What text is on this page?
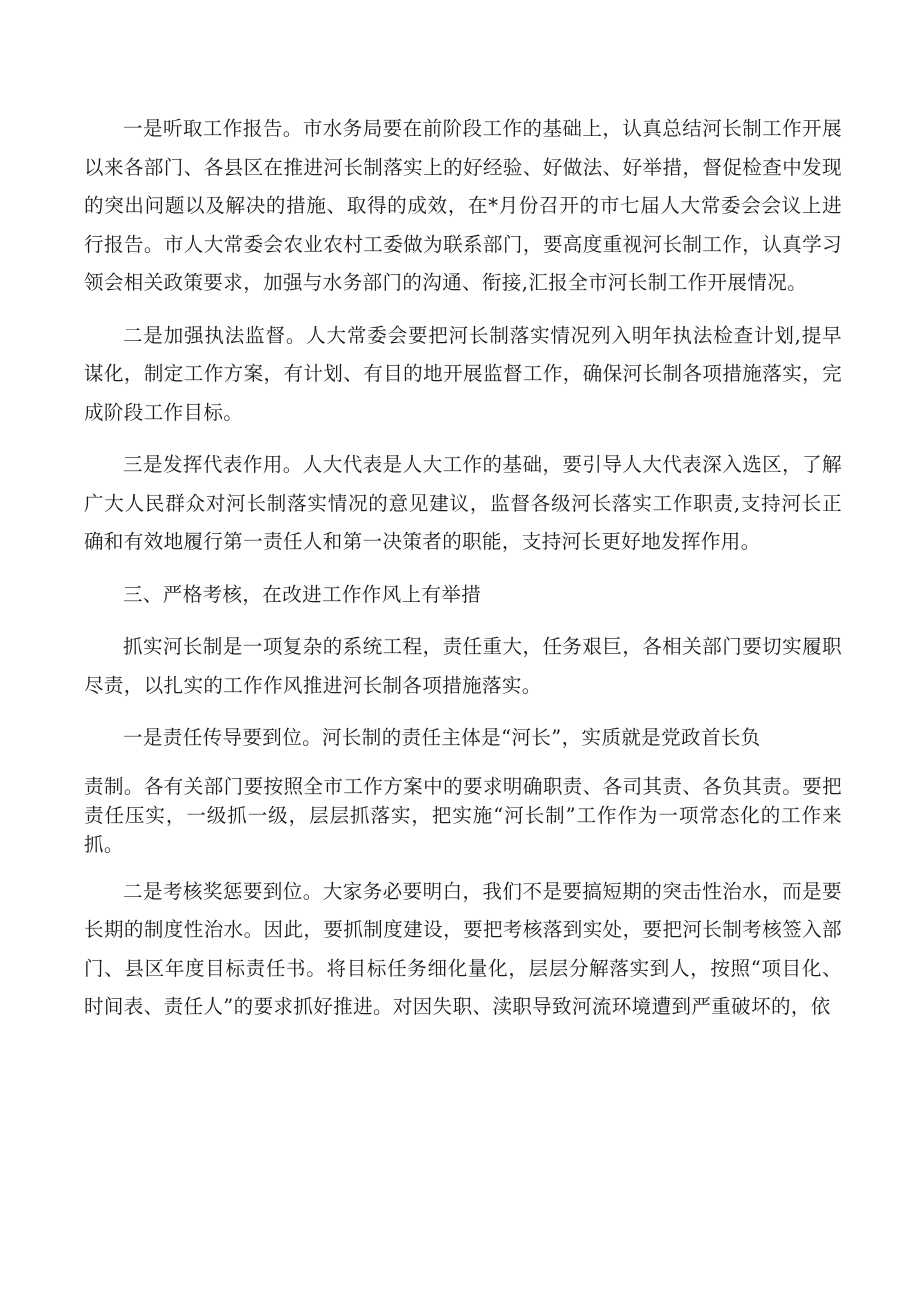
一是听取工作报告。市水务局要在前阶段工作的基础上，认真总结河长制工作开展以来各部门、各县区在推进河长制落实上的好经验、好做法、好举措，督促检查中发现的突出问题以及解决的措施、取得的成效，在*月份召开的市七届人大常委会会议上进行报告。市人大常委会农业农村工委做为联系部门，要高度重视河长制工作，认真学习领会相关政策要求，加强与水务部门的沟通、衔接,汇报全市河长制工作开展情况。

二是加强执法监督。人大常委会要把河长制落实情况列入明年执法检查计划,提早谋化，制定工作方案，有计划、有目的地开展监督工作，确保河长制各项措施落实，完成阶段工作目标。

三是发挥代表作用。人大代表是人大工作的基础，要引导人大代表深入选区，了解广大人民群众对河长制落实情况的意见建议，监督各级河长落实工作职责,支持河长正确和有效地履行第一责任人和第一决策者的职能，支持河长更好地发挥作用。

三、严格考核，在改进工作作风上有举措

抓实河长制是一项复杂的系统工程，责任重大，任务艰巨，各相关部门要切实履职尽责，以扎实的工作作风推进河长制各项措施落实。

一是责任传导要到位。河长制的责任主体是“河长”，实质就是党政首长负

责制。各有关部门要按照全市工作方案中的要求明确职责、各司其责、各负其责。要把责任压实，一级抓一级，层层抓落实，把实施“河长制”工作作为一项常态化的工作来抓。

二是考核奖惩要到位。大家务必要明白，我们不是要搞短期的突击性治水，而是要长期的制度性治水。因此，要抓制度建设，要把考核落到实处，要把河长制考核签入部门、县区年度目标责任书。将目标任务细化量化，层层分解落实到人，按照“项目化、时间表、责任人”的要求抓好推进。对因失职、渎职导致河流环境遭到严重破坏的，依
